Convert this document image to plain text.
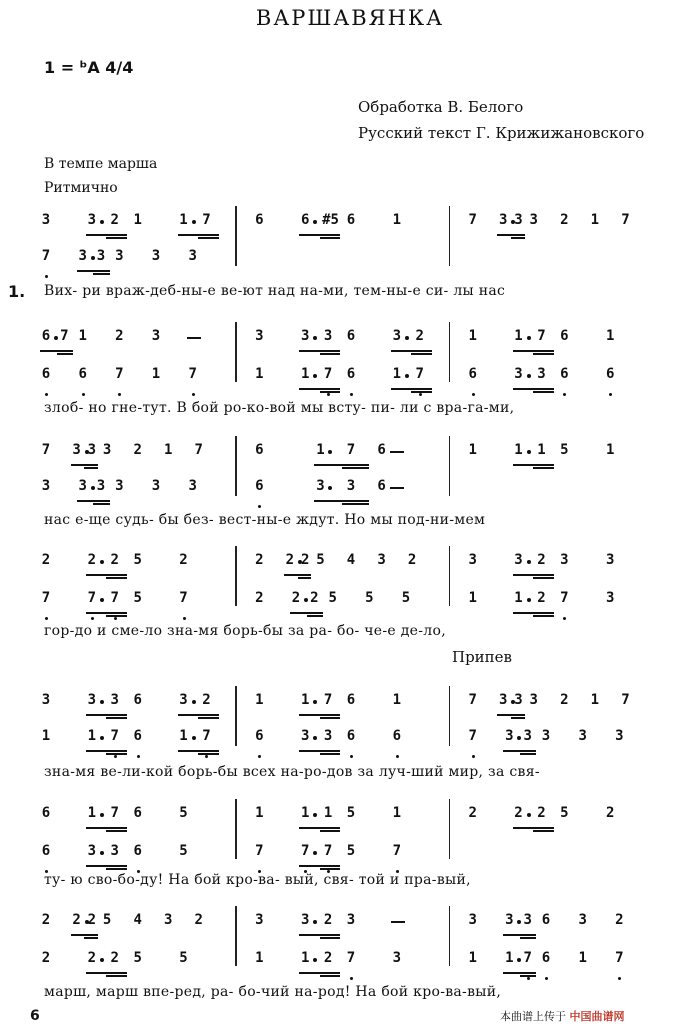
ВАРШАВЯНКА
1 = ᵇA 4/4
Обработка В. Белого
Русский текст Г. Крижижановского
В темпе марша
Ритмично
3	3 2 1	1 7	6	6 #5 6	1	7 3 3 3 2 1 7
7 3 3 3 3 3
6 7 1 2 3	3	3 3 6	3 2	1	1 7 6	1
6 6 7 1 7	1	1 7 6	1 7	6	3 3 6	6
7 3 3 3 2 1 7	6	1 7 6	1	1 1 5	1
3 3 3 3 3 3	6	3 3 6
2	2 2 5	2	2 2 2 5 4 3 2	3	3 2 3	3
7	7 7 5	7	2 2 2 5 5 5	1	1 2 7	3
3	3 3 6	3 2	1	1 7 6	1	7 3 3 3 2 1 7
1	1 7 6	1 7	6	3 3 6	6	7 3 3 3 3 3
6	1 7 6	5	1	1 1 5	1	2	2 2 5	2
6	3 3 6	5	7	7 7 5	7
2 2 2 5 4 3 2	3	3 2 3	3 3 3 6 3 2
2	2 2 5	5	1	1 2 7	3	1 1 7 6 1 7
1. Вих- ри враж-деб-ны-е ве-ют над на-ми, тем-ны-е си- лы нас
злоб- но гне-тут. В бой ро-ко-вой мы всту- пи- ли с вра-га-ми,
нас е-ще судь- бы без- вест-ны-е ждут. Но мы под-ни-мем
гор-до и сме-ло зна-мя борь-бы за ра- бо- че-е де-ло,
Припев
зна-мя ве-ли-кой борь-бы всех на-ро-дов за луч-ший мир, за свя-
ту- ю сво-бо-ду! На бой кро-ва- вый, свя- той и пра-вый,
марш, марш впе-ред, ра- бо-чий на-род! На бой кро-ва-вый,
6	本曲谱上传于 中国曲谱网
